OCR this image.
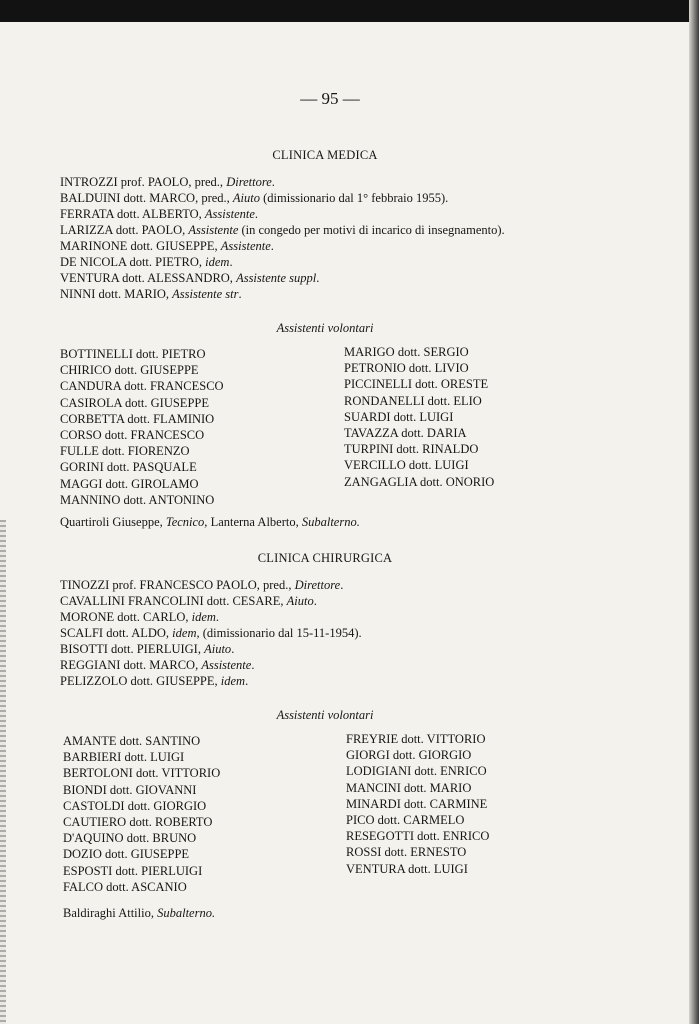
— 95 —
CLINICA MEDICA
INTROZZI prof. PAOLO, pred., Direttore.
BALDUINI dott. MARCO, pred., Aiuto (dimissionario dal 1° febbraio 1955).
FERRATA dott. ALBERTO, Assistente.
LARIZZA dott. PAOLO, Assistente (in congedo per motivi di incarico di insegnamento).
MARINONE dott. GIUSEPPE, Assistente.
DE NICOLA dott. PIETRO, idem.
VENTURA dott. ALESSANDRO, Assistente suppl.
NINNI dott. MARIO, Assistente str.
Assistenti volontari
BOTTINELLI dott. PIETRO
CHIRICO dott. GIUSEPPE
CANDURA dott. FRANCESCO
CASIROLA dott. GIUSEPPE
CORBETTA dott. FLAMINIO
CORSO dott. FRANCESCO
FULLE dott. FIORENZO
GORINI dott. PASQUALE
MAGGI dott. GIROLAMO
MANNINO dott. ANTONINO
MARIGO dott. SERGIO
PETRONIO dott. LIVIO
PICCINELLI dott. ORESTE
RONDANELLI dott. ELIO
SUARDI dott. LUIGI
TAVAZZA dott. DARIA
TURPINI dott. RINALDO
VERCILLO dott. LUIGI
ZANGAGLIA dott. ONORIO
Quartiroli Giuseppe, Tecnico, Lanterna Alberto, Subalterno.
CLINICA CHIRURGICA
TINOZZI prof. FRANCESCO PAOLO, pred., Direttore.
CAVALLINI FRANCOLINI dott. CESARE, Aiuto.
MORONE dott. CARLO, idem.
SCALFI dott. ALDO, idem, (dimissionario dal 15-11-1954).
BISOTTI dott. PIERLUIGI, Aiuto.
REGGIANI dott. MARCO, Assistente.
PELIZZOLO dott. GIUSEPPE, idem.
Assistenti volontari
AMANTE dott. SANTINO
BARBIERI dott. LUIGI
BERTOLONI dott. VITTORIO
BIONDI dott. GIOVANNI
CASTOLDI dott. GIORGIO
CAUTIERO dott. ROBERTO
D'AQUINO dott. BRUNO
DOZIO dott. GIUSEPPE
ESPOSTI dott. PIERLUIGI
FALCO dott. ASCANIO
FREYRIE dott. VITTORIO
GIORGI dott. GIORGIO
LODIGIANI dott. ENRICO
MANCINI dott. MARIO
MINARDI dott. CARMINE
PICO dott. CARMELO
RESEGOTTI dott. ENRICO
ROSSI dott. ERNESTO
VENTURA dott. LUIGI
Baldiraghi Attilio, Subalterno.
